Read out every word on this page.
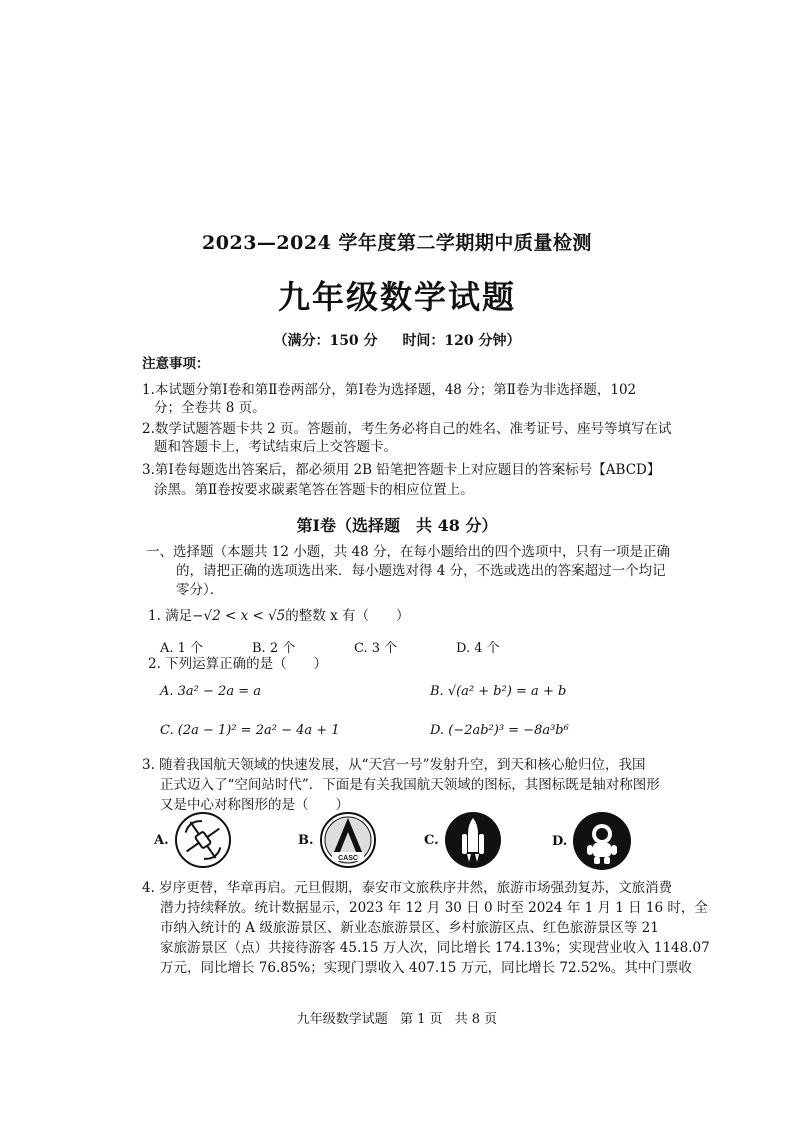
2023—2024 学年度第二学期期中质量检测
九年级数学试题
（满分：150 分 时间：120 分钟）
注意事项：
1.本试题分第Ⅰ卷和第Ⅱ卷两部分，第Ⅰ卷为选择题，48 分；第Ⅱ卷为非选择题，102
分；全卷共 8 页。
2.数学试题答题卡共 2 页。答题前，考生务必将自己的姓名、准考证号、座号等填写在试
题和答题卡上，考试结束后上交答题卡。
3.第Ⅰ卷每题选出答案后，都必须用 2B 铅笔把答题卡上对应题目的答案标号【ABCD】
涂黑。第Ⅱ卷按要求碳素笔答在答题卡的相应位置上。
第Ⅰ卷（选择题　共 48 分）
一、选择题（本题共 12 小题，共 48 分，在每小题给出的四个选项中，只有一项是正确
的，请把正确的选项选出来．每小题选对得 4 分，不选或选出的答案超过一个均记
零分）．
1. 满足−√2 < x < √5的整数 x 有（　　）
A. 1 个	B. 2 个	C. 3 个	D. 4 个
2. 下列运算正确的是（　　）
A. 3a² − 2a = a	B. √(a² + b²) = a + b
C. (2a − 1)² = 2a² − 4a + 1	D. (−2ab²)³ = −8a³b⁶
3. 随着我国航天领域的快速发展，从“天宫一号”发射升空，到天和核心舱归位，我国
正式迈入了“空间站时代”．下面是有关我国航天领域的图标，其图标既是轴对称图形
又是中心对称图形的是（　　）
A.	B.
CASC
C.	D.
4. 岁序更替，华章再启。元旦假期，泰安市文旅秩序井然，旅游市场强劲复苏，文旅消费
潜力持续释放。统计数据显示，2023 年 12 月 30 日 0 时至 2024 年 1 月 1 日 16 时，全
市纳入统计的 A 级旅游景区、新业态旅游景区、乡村旅游区点、红色旅游景区等 21
家旅游景区（点）共接待游客 45.15 万人次，同比增长 174.13%；实现营业收入 1148.07
万元，同比增长 76.85%；实现门票收入 407.15 万元，同比增长 72.52%。其中门票收
九年级数学试题 第 1 页 共 8 页
